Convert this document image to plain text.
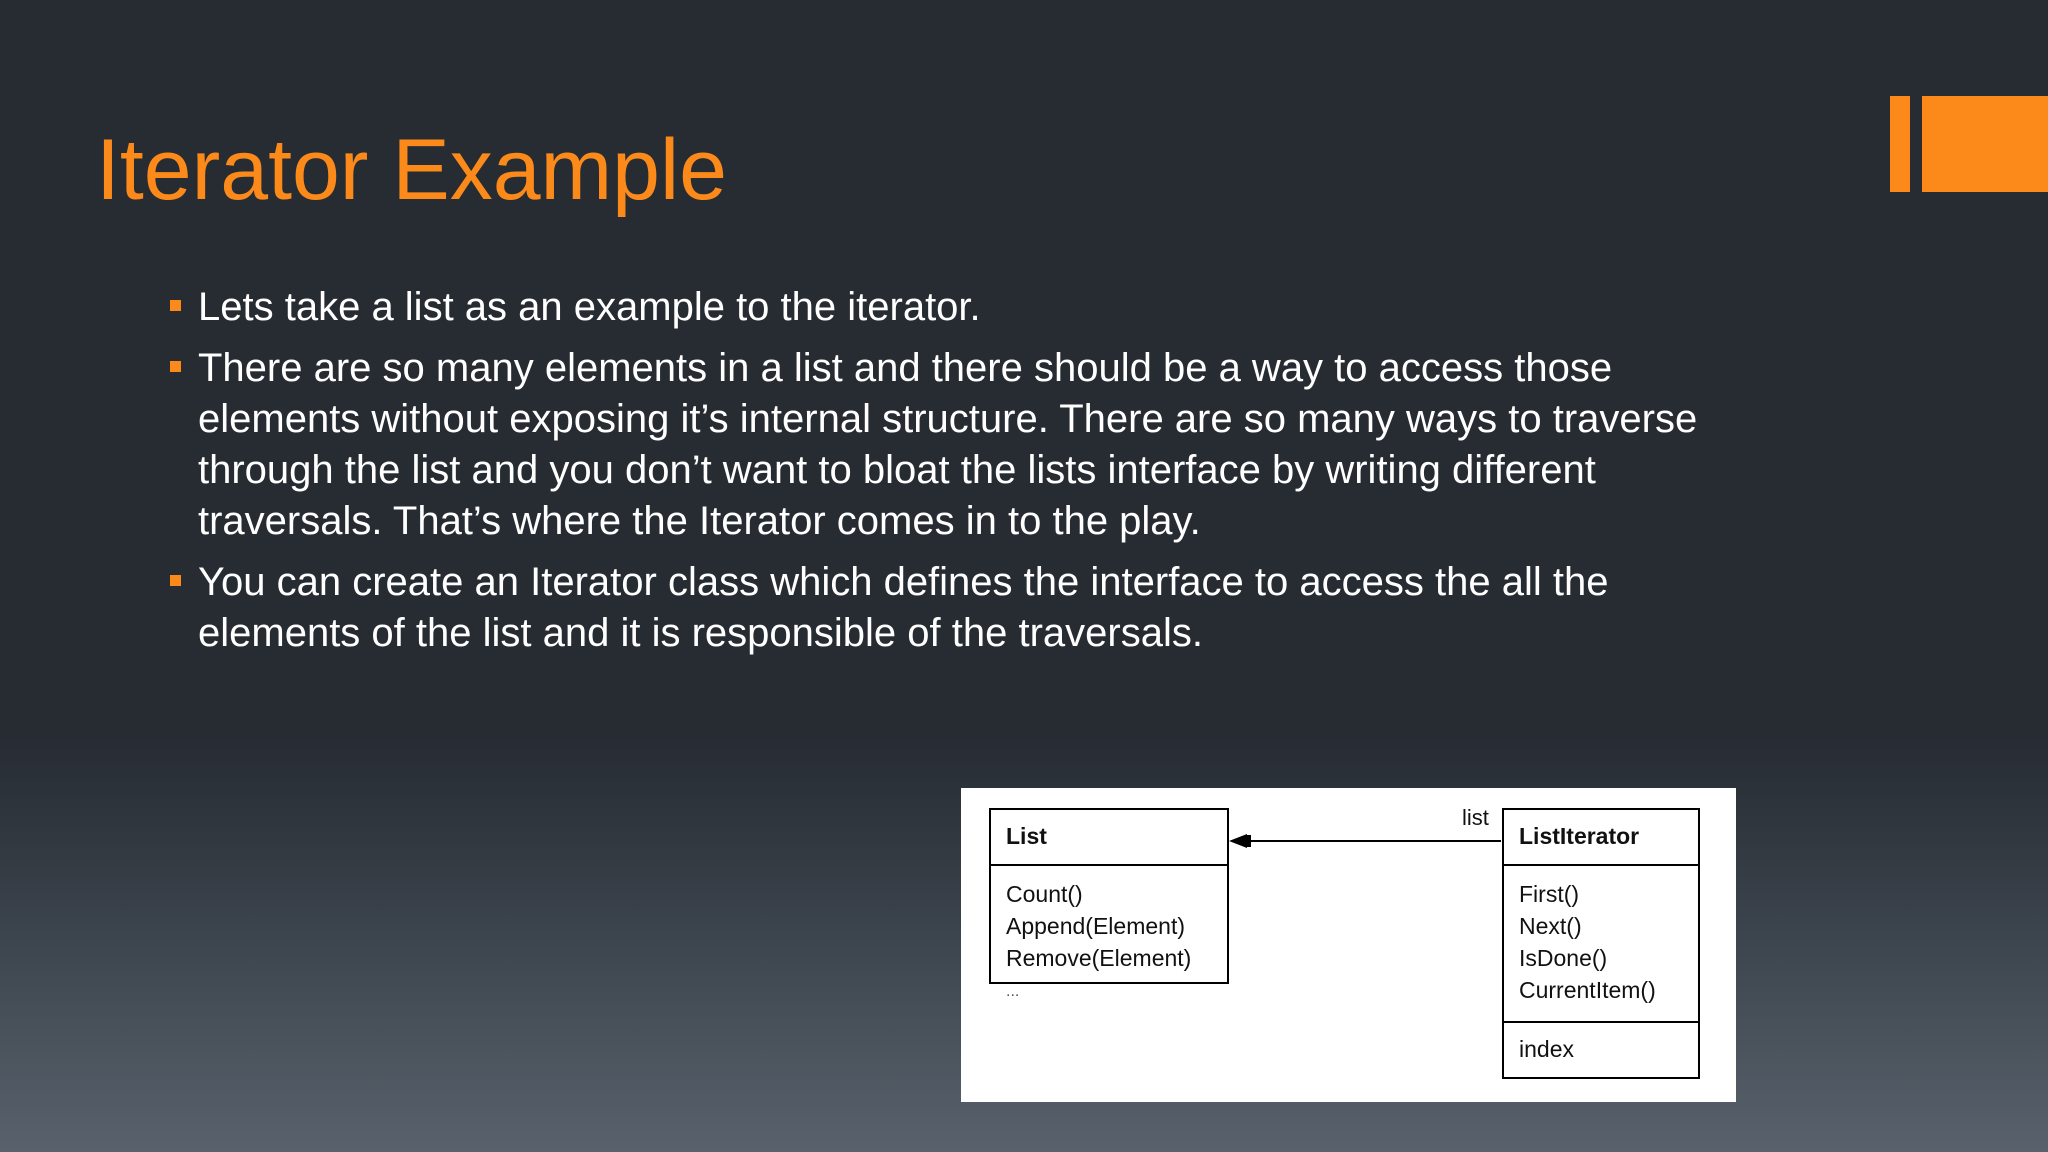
Iterator Example
Lets take a list as an example to the iterator.
There are so many elements in a list and there should be a way to access those elements without exposing it’s internal structure. There are so many ways to traverse through the list and you don’t want to bloat the lists interface by writing different traversals. That’s where the Iterator comes in to the play.
You can create an Iterator class which defines the interface to access the all the elements of the list and it is responsible of the traversals.
List
Count()
Append(Element)
Remove(Element)
...
ListIterator
First()
Next()
IsDone()
CurrentItem()
index
list
